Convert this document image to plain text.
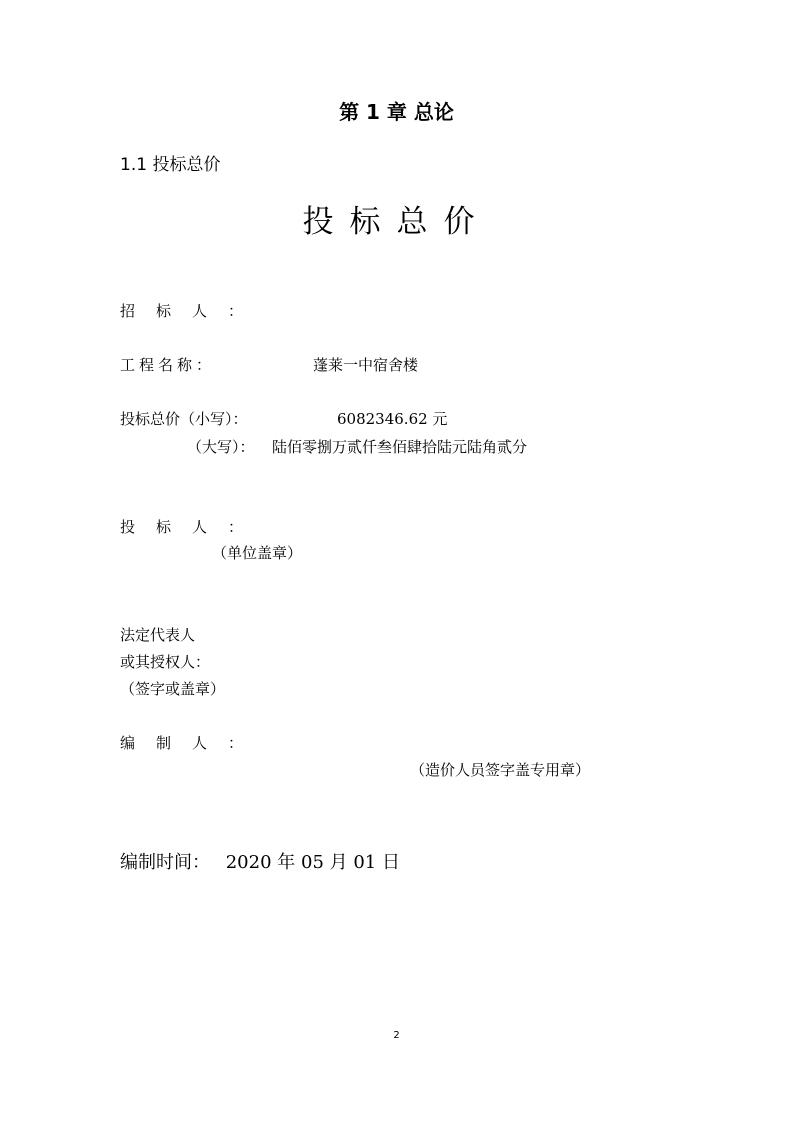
第 1 章 总论
1.1 投标总价
投标总价
招标人：
工程名称：	蓬莱一中宿舍楼
投标总价（小写）：	6082346.62 元
（大写）： 陆佰零捌万贰仟叁佰肆拾陆元陆角贰分
投标人：
（单位盖章）
法定代表人
或其授权人：
（签字或盖章）
编制人：
（造价人员签字盖专用章）
编制时间： 2020 年 05 月 01 日
2
